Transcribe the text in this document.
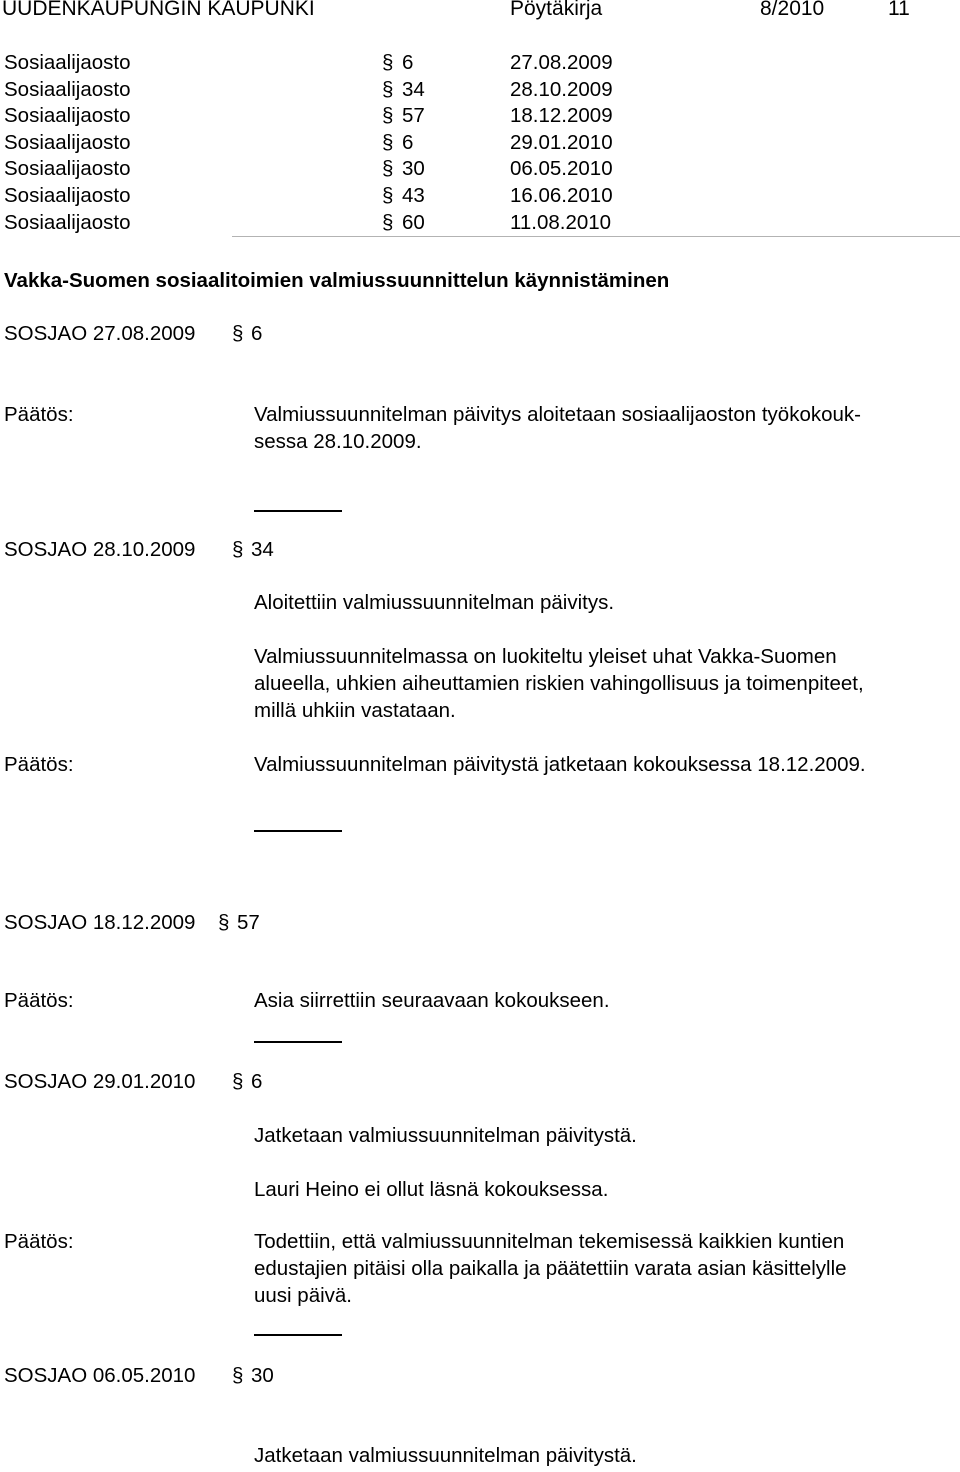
UUDENKAUPUNGIN KAUPUNKI	Pöytäkirja	8/2010	11
Sosiaalijaosto	§ 6	27.08.2009
Sosiaalijaosto	§ 34	28.10.2009
Sosiaalijaosto	§ 57	18.12.2009
Sosiaalijaosto	§ 6	29.01.2010
Sosiaalijaosto	§ 30	06.05.2010
Sosiaalijaosto	§ 43	16.06.2010
Sosiaalijaosto	§ 60	11.08.2010
Vakka-Suomen sosiaalitoimien valmiussuunnittelun käynnistäminen
SOSJAO 27.08.2009 § 6
Päätös:	Valmiussuunnitelman päivitys aloitetaan sosiaalijaoston työkokouk-
sessa 28.10.2009.
SOSJAO 28.10.2009 § 34
Aloitettiin valmiussuunnitelman päivitys.
Valmiussuunnitelmassa on luokiteltu yleiset uhat Vakka-Suomen
alueella, uhkien aiheuttamien riskien vahingollisuus ja toimenpiteet,
millä uhkiin vastataan.
Päätös:	Valmiussuunnitelman päivitystä jatketaan kokouksessa 18.12.2009.
SOSJAO 18.12.2009 § 57
Päätös:	Asia siirrettiin seuraavaan kokoukseen.
SOSJAO 29.01.2010 § 6
Jatketaan valmiussuunnitelman päivitystä.
Lauri Heino ei ollut läsnä kokouksessa.
Päätös:	Todettiin, että valmiussuunnitelman tekemisessä kaikkien kuntien
edustajien pitäisi olla paikalla ja päätettiin varata asian käsittelylle
uusi päivä.
SOSJAO 06.05.2010 § 30
Jatketaan valmiussuunnitelman päivitystä.
